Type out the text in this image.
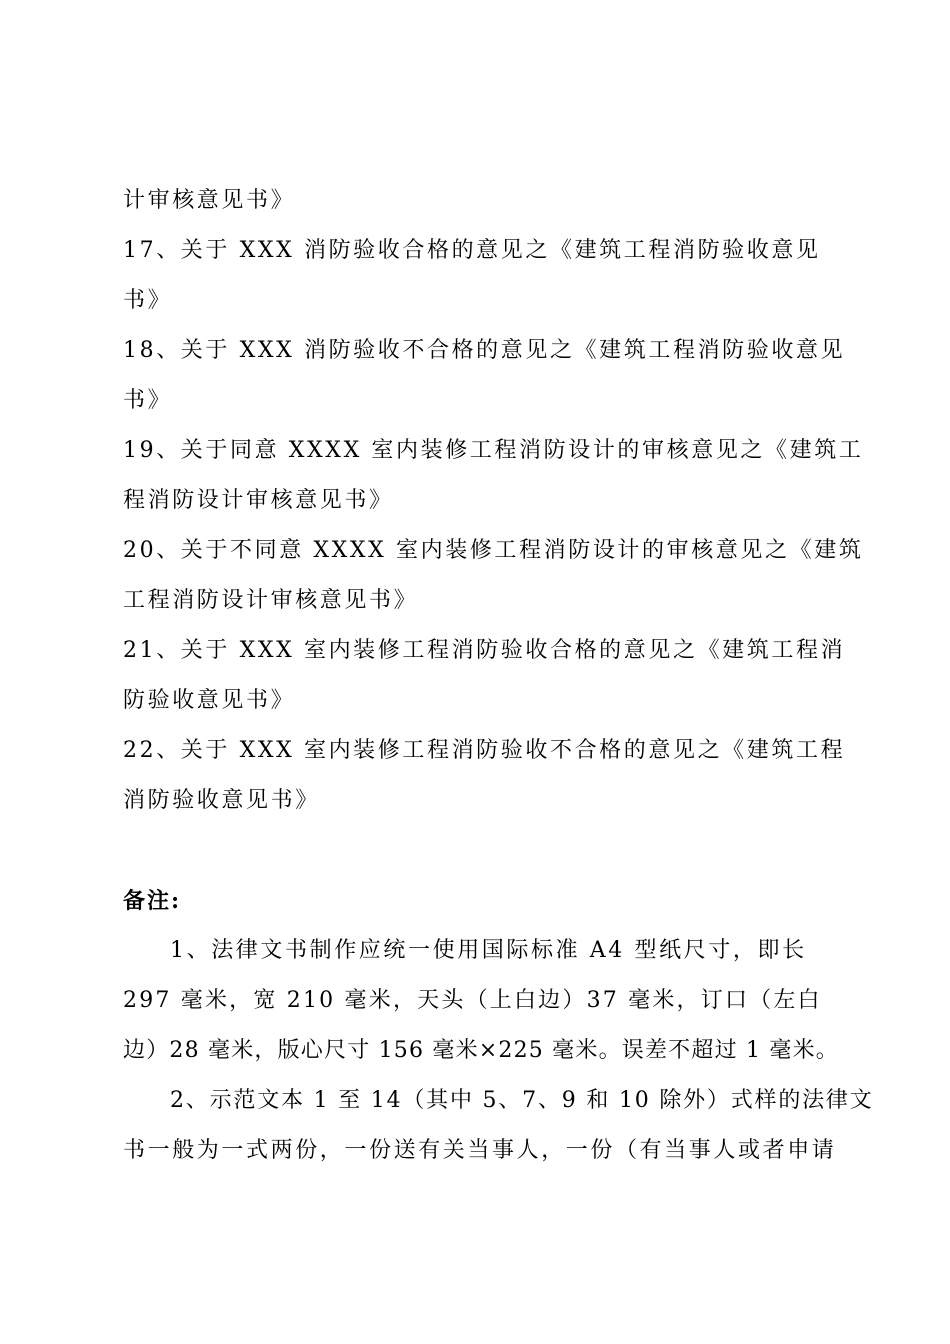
计审核意见书》
17、关于 XXX 消防验收合格的意见之《建筑工程消防验收意见
书》
18、关于 XXX 消防验收不合格的意见之《建筑工程消防验收意见
书》
19、关于同意 XXXX 室内装修工程消防设计的审核意见之《建筑工
程消防设计审核意见书》
20、关于不同意 XXXX 室内装修工程消防设计的审核意见之《建筑
工程消防设计审核意见书》
21、关于 XXX 室内装修工程消防验收合格的意见之《建筑工程消
防验收意见书》
22、关于 XXX 室内装修工程消防验收不合格的意见之《建筑工程
消防验收意见书》
备注:
1、法律文书制作应统一使用国际标准 A4 型纸尺寸，即长
297 毫米，宽 210 毫米，天头（上白边）37 毫米，订口（左白
边）28 毫米，版心尺寸 156 毫米×225 毫米。误差不超过 1 毫米。
2、示范文本 1 至 14（其中 5、7、9 和 10 除外）式样的法律文
书一般为一式两份，一份送有关当事人，一份（有当事人或者申请
